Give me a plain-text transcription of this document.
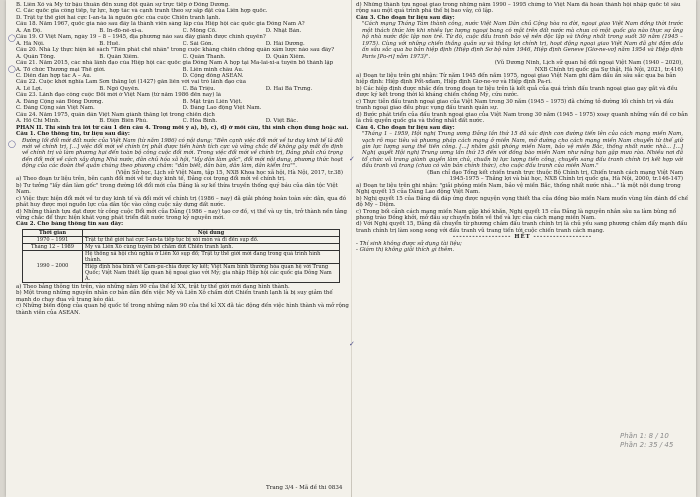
B. Liên Xô và Mỹ từ bậu thuẫn đến xung đột quân sự trực tiếp ở Đông Dương.
C. Các quốc gia công tiếp, tự lực, hợp tác và cạnh tranh theo sự sắp đặt của Liên hợp quốc.
D. Trật tự thế giới hai cực I-an-ta là nguồn gốc của cuộc Chiến tranh lạnh.
Câu 18. Năm 1967, quốc gia nào sau đây là thành viên sáng lập của Hiệp hội các quốc gia Đông Nam Á?
A. Ấn Độ.	B. In-đô-nê-xi-a.	C. Mông Cổ.	D. Nhật Bản.
Câu 19. Ở Việt Nam, ngày 19 – 8 – 1945, địa phương nào sau đây giành được chính quyền?
A. Hà Nội.	B. Huế.	C. Sài Gòn.	D. Hải Dương.
Câu 20. Nhà Lý thực hiện kế sách "Tiên phát chế nhân" trong cuộc kháng chiến chống quân xâm lược nào sau đây?
A. Quân Tống.	B. Quân Xiêm.	C. Quân Thanh.	D. Quân Xiêm.
Câu 21. Năm 2015, các nhà lãnh đạo của Hiệp hội các quốc gia Đông Nam Á họp tại Ma-lai-xi-a tuyên bố thành lập
A. Tổ chức Thương mại Thế giới.	B. Liên minh châu Âu.
C. Diễn đàn hợp tác Á – Âu.	D. Cộng đồng ASEAN.
Câu 22. Cuộc khởi nghĩa Lam Sơn thắng lợi (1427) gắn liền với vai trò lãnh đạo của
A. Lê Lợi.	B. Ngô Quyền.	C. Bà Triệu.	D. Hai Bà Trưng.
Câu 23. Lãnh đạo công cuộc Đổi mới ở Việt Nam (từ năm 1986 đến nay) là
A. Đảng Cộng sản Đông Dương.	B. Mặt trận Liên Việt.
C. Đảng Cộng sản Việt Nam.	D. Đảng Lao động Việt Nam.
Câu 24. Năm 1975, quân dân Việt Nam giành thắng lợi trong chiến dịch
A. Hồ Chí Minh.	B. Điện Biên Phủ.	C. Hòa Bình.	D. Việt Bắc.
PHẦN II. Thí sinh trả lời từ câu 1 đến câu 4. Trong mỗi ý a), b), c), d) ở mỗi câu, thí sinh chọn đúng hoặc sai.
Câu 1. Cho thông tin, tư liệu sau đây:
Đường lối đổi mới đất nước của Việt Nam (từ năm 1986) có nội dung: "Bên cạnh việc đổi mới về tư duy kinh tế là đổi mới về chính trị, [...] việc đổi mới về chính trị phải được tiến hành tích cực và vững chắc để không gây mất ổn định về chính trị và làm phương hại đến toàn bộ công cuộc đổi mới. Trong việc đổi mới về chính trị, Đảng phải chú trọng đến đổi mới về cách xây dựng Nhà nước, dân chủ hóa xã hội, "lấy dân làm gốc", đổi mới nội dung, phương thức hoạt động của các đoàn thể quần chúng theo phương châm: "dân biết, dân bàn, dân làm, dân kiểm tra"".
(Viện Sử học, Lịch sử Việt Nam, tập 15, NXB Khoa học xã hội, Hà Nội, 2017, tr.38)
a) Theo đoạn tư liệu trên, bên cạnh đổi mới về tư duy kinh tế, Đảng coi trọng đổi mới về chính trị.
b) Tư tưởng "lấy dân làm gốc" trong đường lối đổi mới của Đảng là sự kế thừa truyền thống quý báu của dân tộc Việt Nam.
c) Việc thực hiện đổi mới về tư duy kinh tế và đổi mới về chính trị (1986 – nay) đã giải phóng hoàn toàn sức dân, qua đó phát huy được mọi nguồn lực của dân tộc vào công cuộc xây dựng đất nước.
d) Những thành tựu đạt được từ công cuộc Đổi mới của Đảng (1986 – nay) tạo cơ đồ, vị thế và uy tín, trở thành nền tảng vững chắc để thực hiện khát vọng phát triển đất nước trong kỷ nguyên mới.
Câu 2. Cho bảng thông tin sau đây:
Thời gian	Nội dung
1970 – 1991	Trật tự thế giới hai cực I-an-ta tiếp tục bị xói mòn và đi đến sụp đổ.
Tháng 12 – 1989	Mỹ và Liên Xô cùng tuyên bố chấm dứt Chiến tranh lạnh.
1990 – 2000	Hệ thống xã hội chủ nghĩa ở Liên Xô sụp đổ; Trật tự thế giới mới đang trong quá trình hình thành.
	Hiệp định hòa bình về Cam-pu-chia được ký kết; Việt Nam bình thường hóa quan hệ với Trung Quốc; Việt Nam thiết lập quan hệ ngoại giao với Mỹ; gia nhập Hiệp hội các quốc gia Đông Nam Á.
a) Theo bảng thông tin trên, vào những năm 90 của thế kỉ XX, trật tự thế giới mới đang hình thành.
b) Một trong những nguyên nhân cơ bản dẫn đến việc Mỹ và Liên Xô chấm dứt Chiến tranh lạnh là bị suy giảm thế mạnh do chạy đua vũ trang kéo dài.
c) Những biến động của quan hệ quốc tế trong những năm 90 của thế kỉ XX đã tác động đến việc hình thành và mở rộng thành viên của ASEAN.
d) Những thành tựu ngoại giao trong những năm 1990 – 1995 chứng tỏ Việt Nam đã hoàn thành hội nhập quốc tế sâu rộng sau một quá trình phá thế bị bao vây, cô lập.
Câu 3. Cho đoạn tư liệu sau đây:
"Cách mạng Tháng Tám thành công, nước Việt Nam Dân chủ Cộng hòa ra đời, ngoại giao Việt Nam đồng thời trước một thách thức lớn khi nhiều lực lượng ngoại bang có mặt trên đất nước mà chưa có một quốc gia nào thực sự ủng hộ nhà nước độc lập non trẻ. Từ đó, cuộc đấu tranh bảo vệ nền độc lập và thống nhất trong suốt 30 năm (1945 – 1975). Cùng với những chiến thắng quân sự và thắng lợi chính trị, hoạt động ngoại giao Việt Nam đã ghi đậm dấu ấn sâu sắc qua ba bản hiệp định (Hiệp định Sơ bộ năm 1946, Hiệp định Geneve [Giơ-ne-vơ] năm 1954 và Hiệp định Paris [Pa-ri] năm 1973)".
(Vũ Dương Ninh, Lịch sử quan hệ đối ngoại Việt Nam (1940 – 2020),
NXB Chính trị quốc gia Sự thật, Hà Nội, 2021, tr.416)
a) Đoạn tư liệu trên ghi nhận: Từ năm 1945 đến năm 1975, ngoại giao Việt Nam ghi đậm dấu ấn sâu sắc qua ba bản hiệp định: Hiệp định Pốt-xđam, Hiệp định Giơ-ne-vơ và Hiệp định Pa-ri.
b) Các hiệp định được nhắc đến trong đoạn tư liệu trên là kết quả của quá trình đấu tranh ngoại giao gay gắt và đều được ký kết trong thời kì kháng chiến chống Mỹ, cứu nước.
c) Thực tiễn đấu tranh ngoại giao của Việt Nam trong 30 năm (1945 – 1975) đã chứng tỏ đường lối chính trị và đấu tranh ngoại giao đều phục vụng đấu tranh quân sự.
d) Bước phát triển của đấu tranh ngoại giao của Việt Nam trong 30 năm (1945 – 1975) xoay quanh những vấn đề cơ bản là chủ quyền quốc gia và thống nhất đất nước.
Câu 4. Cho đoạn tư liệu sau đây:
"Tháng 1 – 1959, Hội nghị Trung ương Đảng lần thứ 15 đã xác định con đường tiến lên của cách mạng miền Nam, vạch rõ mục tiêu và phương pháp cách mạng ở miền Nam, mở đường cho cách mạng miền Nam chuyển từ thế giữ gìn lực lượng sang thế tiến công. [...] nhằm giải phóng miền Nam, bảo vệ miền Bắc, thống nhất nước nhà... [...] Nghị quyết Hội nghị Trung ương lần thứ 15 đến với đồng bào miền Nam như nắng hạn gặp mưa rào. Nhiều nơi đã tổ chức vũ trang giành quyền làm chủ, chuẩn bị lực lượng tiến công, chuyển sang đấu tranh chính trị kết hợp với đấu tranh vũ trang (chưa có văn bản chính thức), cho cuộc đấu tranh của miền Nam."
(Ban chỉ đạo Tổng kết chiến tranh trực thuộc Bộ Chính trị, Chiến tranh cách mạng Việt Nam
1945-1975 – Thắng lợi và bài học, NXB Chính trị quốc gia, Hà Nội, 2000, tr.146-147)
a) Đoạn tư liệu trên ghi nhận: "giải phóng miền Nam, bảo vệ miền Bắc, thống nhất nước nhà..." là một nội dung trong Nghị quyết 15 của Đảng Lao động Việt Nam.
b) Nghị quyết 15 của Đảng đã đáp ứng được nguyện vọng thiết tha của đồng bào miền Nam muốn vùng lên đánh đổ chế độ Mỹ – Diệm.
c) Trong bối cảnh cách mạng miền Nam gặp khó khăn, Nghị quyết 15 của Đảng là nguyên nhân sâu xa làm bùng nổ phong trào Đồng khởi, mở đầu sự chuyển biến về thế và lực của cách mạng miền Nam.
d) Với Nghị quyết 15, Đảng đã chuyển từ phương châm đấu tranh chính trị là chủ yếu sang phương châm đẩy mạnh đấu tranh chính trị làm song song với đấu tranh vũ trang tiến tới cuộc chiến tranh cách mạng.
------------------ HẾT ------------------
- Thí sinh không được sử dụng tài liệu;
- Giám thị không giải thích gì thêm.
Phần 1: 8 / 10
Phần 2: 35 / 45
◯
◯
◯
✓
✓
Trang 3/4 - Mã đề thi 0834
